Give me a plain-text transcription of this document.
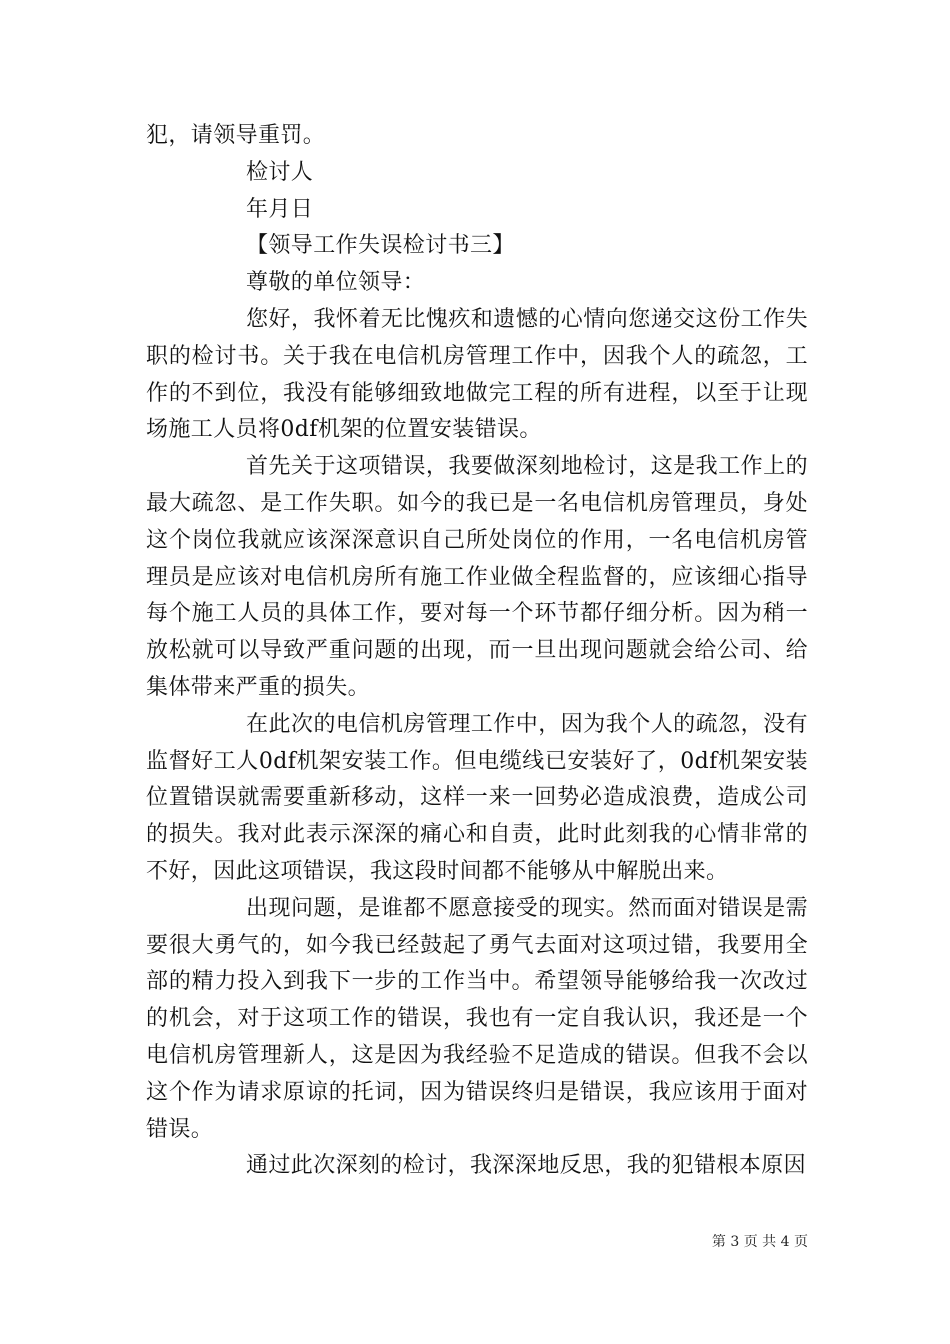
犯，请领导重罚。

检讨人

年月日

【领导工作失误检讨书三】

尊敬的单位领导：

您好，我怀着无比愧疚和遗憾的心情向您递交这份工作失职的检讨书。关于我在电信机房管理工作中，因我个人的疏忽，工作的不到位，我没有能够细致地做完工程的所有进程，以至于让现场施工人员将0df机架的位置安装错误。

首先关于这项错误，我要做深刻地检讨，这是我工作上的最大疏忽、是工作失职。如今的我已是一名电信机房管理员，身处这个岗位我就应该深深意识自己所处岗位的作用，一名电信机房管理员是应该对电信机房所有施工作业做全程监督的，应该细心指导每个施工人员的具体工作，要对每一个环节都仔细分析。因为稍一放松就可以导致严重问题的出现，而一旦出现问题就会给公司、给集体带来严重的损失。

在此次的电信机房管理工作中，因为我个人的疏忽，没有监督好工人0df机架安装工作。但电缆线已安装好了，0df机架安装位置错误就需要重新移动，这样一来一回势必造成浪费，造成公司的损失。我对此表示深深的痛心和自责，此时此刻我的心情非常的不好，因此这项错误，我这段时间都不能够从中解脱出来。

出现问题，是谁都不愿意接受的现实。然而面对错误是需要很大勇气的，如今我已经鼓起了勇气去面对这项过错，我要用全部的精力投入到我下一步的工作当中。希望领导能够给我一次改过的机会，对于这项工作的错误，我也有一定自我认识，我还是一个电信机房管理新人，这是因为我经验不足造成的错误。但我不会以这个作为请求原谅的托词，因为错误终归是错误，我应该用于面对错误。

通过此次深刻的检讨，我深深地反思，我的犯错根本原因

第 3 页 共 4 页
